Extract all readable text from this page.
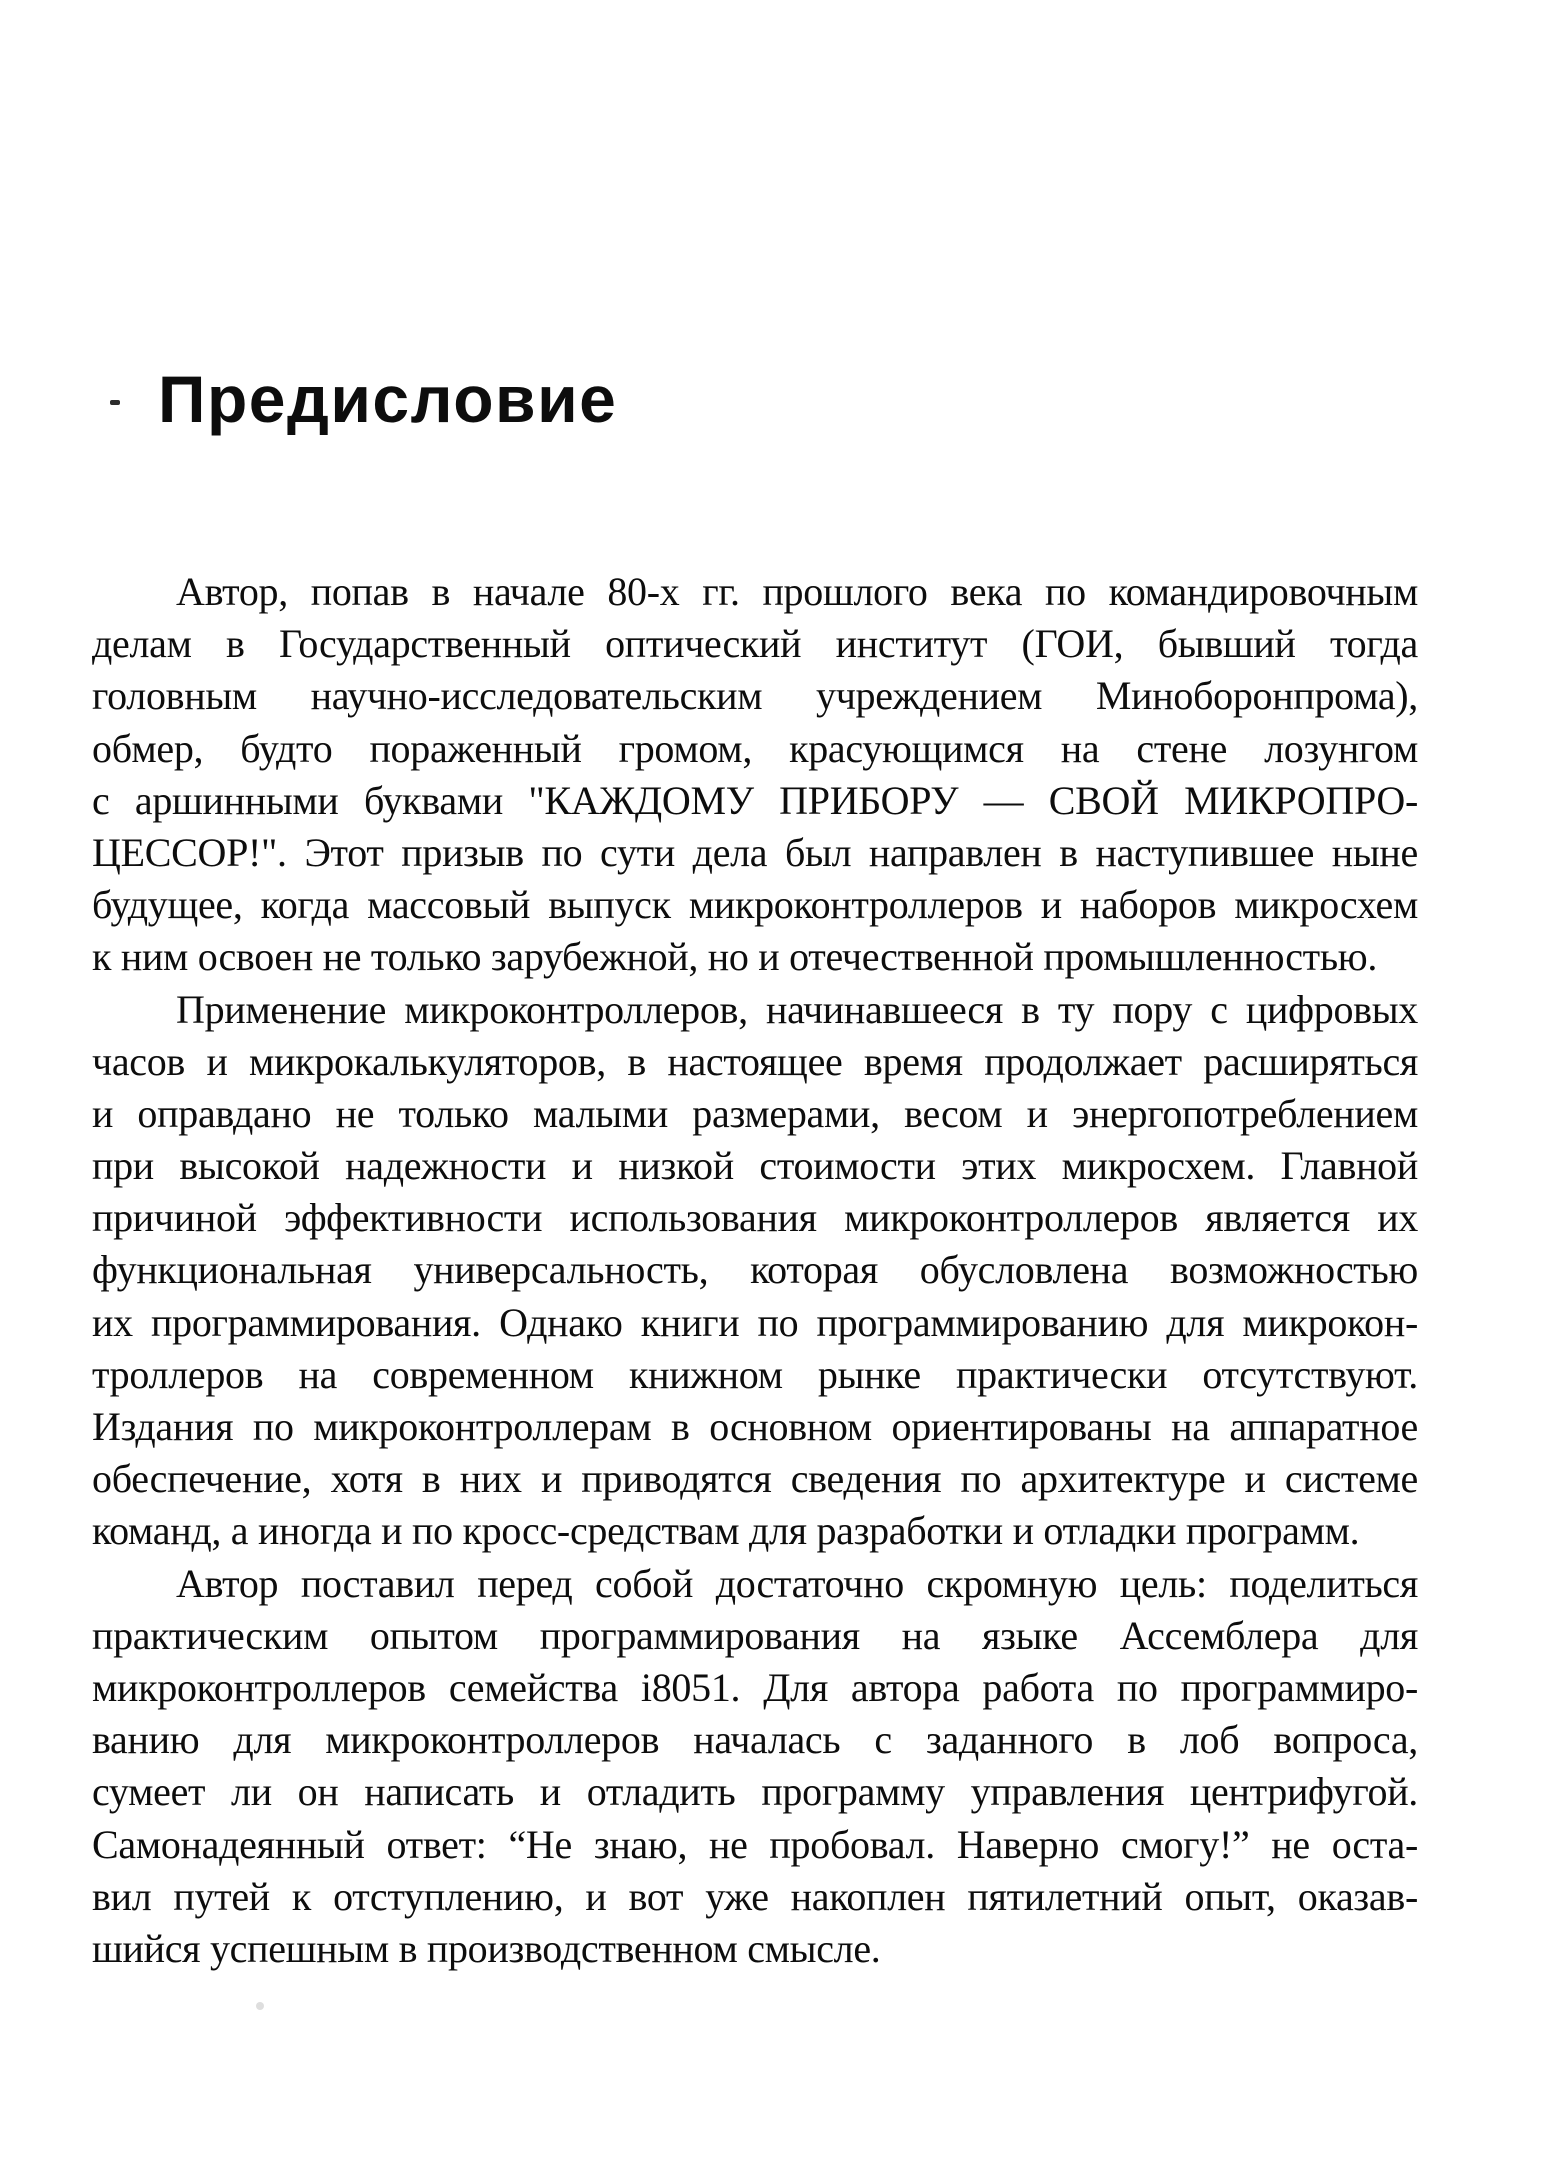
Предисловие
Автор, попав в начале 80-х гг. прошлого века по командировочным
делам в Государственный оптический институт (ГОИ, бывший тогда
головным научно-исследовательским учреждением Миноборонпрома),
обмер, будто пораженный громом, красующимся на стене лозунгом
с аршинными буквами "КАЖДОМУ ПРИБОРУ — СВОЙ МИКРОПРО-
ЦЕССОР!". Этот призыв по сути дела был направлен в наступившее ныне
будущее, когда массовый выпуск микроконтроллеров и наборов микросхем
к ним освоен не только зарубежной, но и отечественной промышленностью.
Применение микроконтроллеров, начинавшееся в ту пору с цифровых
часов и микрокалькуляторов, в настоящее время продолжает расширяться
и оправдано не только малыми размерами, весом и энергопотреблением
при высокой надежности и низкой стоимости этих микросхем. Главной
причиной эффективности использования микроконтроллеров является их
функциональная универсальность, которая обусловлена возможностью
их программирования. Однако книги по программированию для микрокон-
троллеров на современном книжном рынке практически отсутствуют.
Издания по микроконтроллерам в основном ориентированы на аппаратное
обеспечение, хотя в них и приводятся сведения по архитектуре и системе
команд, а иногда и по кросс-средствам для разработки и отладки программ.
Автор поставил перед собой достаточно скромную цель: поделиться
практическим опытом программирования на языке Ассемблера для
микроконтроллеров семейства i8051. Для автора работа по программиро-
ванию для микроконтроллеров началась с заданного в лоб вопроса,
сумеет ли он написать и отладить программу управления центрифугой.
Самонадеянный ответ: “Не знаю, не пробовал. Наверно смогу!” не оста-
вил путей к отступлению, и вот уже накоплен пятилетний опыт, оказав-
шийся успешным в производственном смысле.
